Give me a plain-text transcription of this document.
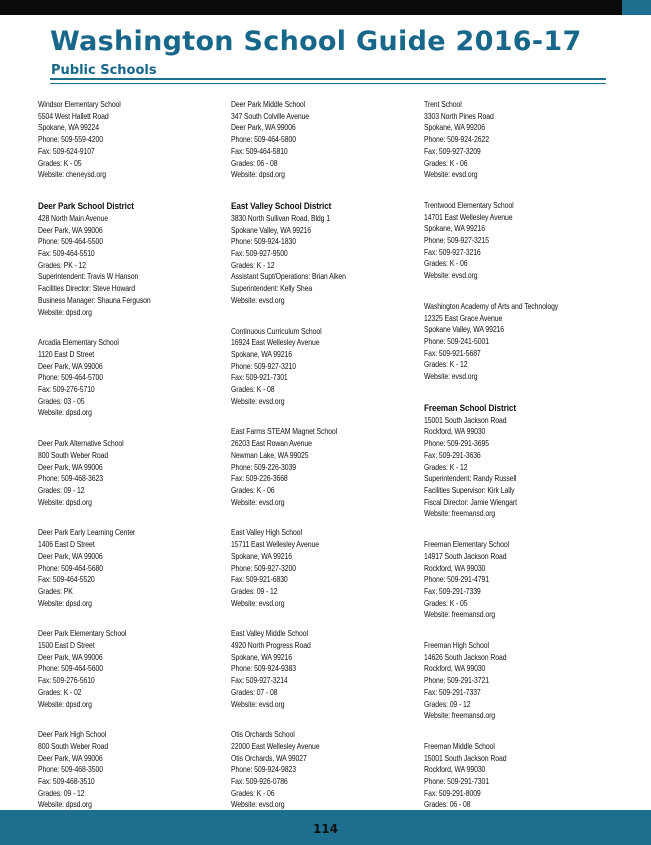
Washington School Guide 2016-17
Public Schools
Windsor Elementary School
5504 West Hallett Road
Spokane, WA 99224
Phone: 509-559-4200
Fax: 509-624-9107
Grades: K - 05
Website: cheneysd.org
Deer Park School District
428 North Main Avenue
Deer Park, WA 99006
Phone: 509-464-5500
Fax: 509-464-5510
Grades: PK - 12
Superintendent: Travis W Hanson
Facilities Director: Steve Howard
Business Manager: Shauna Ferguson
Website: dpsd.org
Arcadia Elementary School
1120 East D Street
Deer Park, WA 99006
Phone: 509-464-5700
Fax: 509-276-5710
Grades: 03 - 05
Website: dpsd.org
Deer Park Alternative School
800 South Weber Road
Deer Park, WA 99006
Phone: 509-468-3623
Grades: 09 - 12
Website: dpsd.org
Deer Park Early Learning Center
1406 East D Street
Deer Park, WA 99006
Phone: 509-464-5680
Fax: 509-464-5520
Grades: PK
Website: dpsd.org
Deer Park Elementary School
1500 East D Street
Deer Park, WA 99006
Phone: 509-464-5600
Fax: 509-276-5610
Grades: K - 02
Website: dpsd.org
Deer Park High School
800 South Weber Road
Deer Park, WA 99006
Phone: 509-468-3500
Fax: 509-468-3510
Grades: 09 - 12
Website: dpsd.org
Deer Park Middle School
347 South Colville Avenue
Deer Park, WA 99006
Phone: 509-464-5800
Fax: 509-464-5810
Grades: 06 - 08
Website: dpsd.org
East Valley School District
3830 North Sullivan Road, Bldg 1
Spokane Valley, WA 99216
Phone: 509-924-1830
Fax: 509-927-9500
Grades: K - 12
Assistant Supt/Operations: Brian Aiken
Superintendent: Kelly Shea
Website: evsd.org
Continuous Curriculum School
16924 East Wellesley Avenue
Spokane, WA 99216
Phone: 509-927-3210
Fax: 509-921-7301
Grades: K - 08
Website: evsd.org
East Farms STEAM Magnet School
26203 East Rowan Avenue
Newman Lake, WA 99025
Phone: 509-226-3039
Fax: 509-226-3668
Grades: K - 06
Website: evsd.org
East Valley High School
15711 East Wellesley Avenue
Spokane, WA 99216
Phone: 509-927-3200
Fax: 509-921-6830
Grades: 09 - 12
Website: evsd.org
East Valley Middle School
4920 North Progress Road
Spokane, WA 99216
Phone: 509-924-9383
Fax: 509-927-3214
Grades: 07 - 08
Website: evsd.org
Otis Orchards School
22000 East Wellesley Avenue
Otis Orchards, WA 99027
Phone: 509-924-9823
Fax: 509-926-0786
Grades: K - 06
Website: evsd.org
Trent School
3303 North Pines Road
Spokane, WA 99206
Phone: 509-924-2622
Fax: 509-927-3209
Grades: K - 06
Website: evsd.org
Trentwood Elementary School
14701 East Wellesley Avenue
Spokane, WA 99216
Phone: 509-927-3215
Fax: 509-927-3216
Grades: K - 06
Website: evsd.org
Washington Academy of Arts and Technology
12325 East Grace Avenue
Spokane Valley, WA 99216
Phone: 509-241-5001
Fax: 509-921-5687
Grades: K - 12
Website: evsd.org
Freeman School District
15001 South Jackson Road
Rockford, WA 99030
Phone: 509-291-3695
Fax: 509-291-3636
Grades: K - 12
Superintendent: Randy Russell
Facilities Supervisor: Kirk Lally
Fiscal Director: Jamie Wiengart
Website: freemansd.org
Freeman Elementary School
14917 South Jackson Road
Rockford, WA 99030
Phone: 509-291-4791
Fax: 509-291-7339
Grades: K - 05
Website: freemansd.org
Freeman High School
14626 South Jackson Road
Rockford, WA 99030
Phone: 509-291-3721
Fax: 509-291-7337
Grades: 09 - 12
Website: freemansd.org
Freeman Middle School
15001 South Jackson Road
Rockford, WA 99030
Phone: 509-291-7301
Fax: 509-291-8009
Grades: 06 - 08
114
